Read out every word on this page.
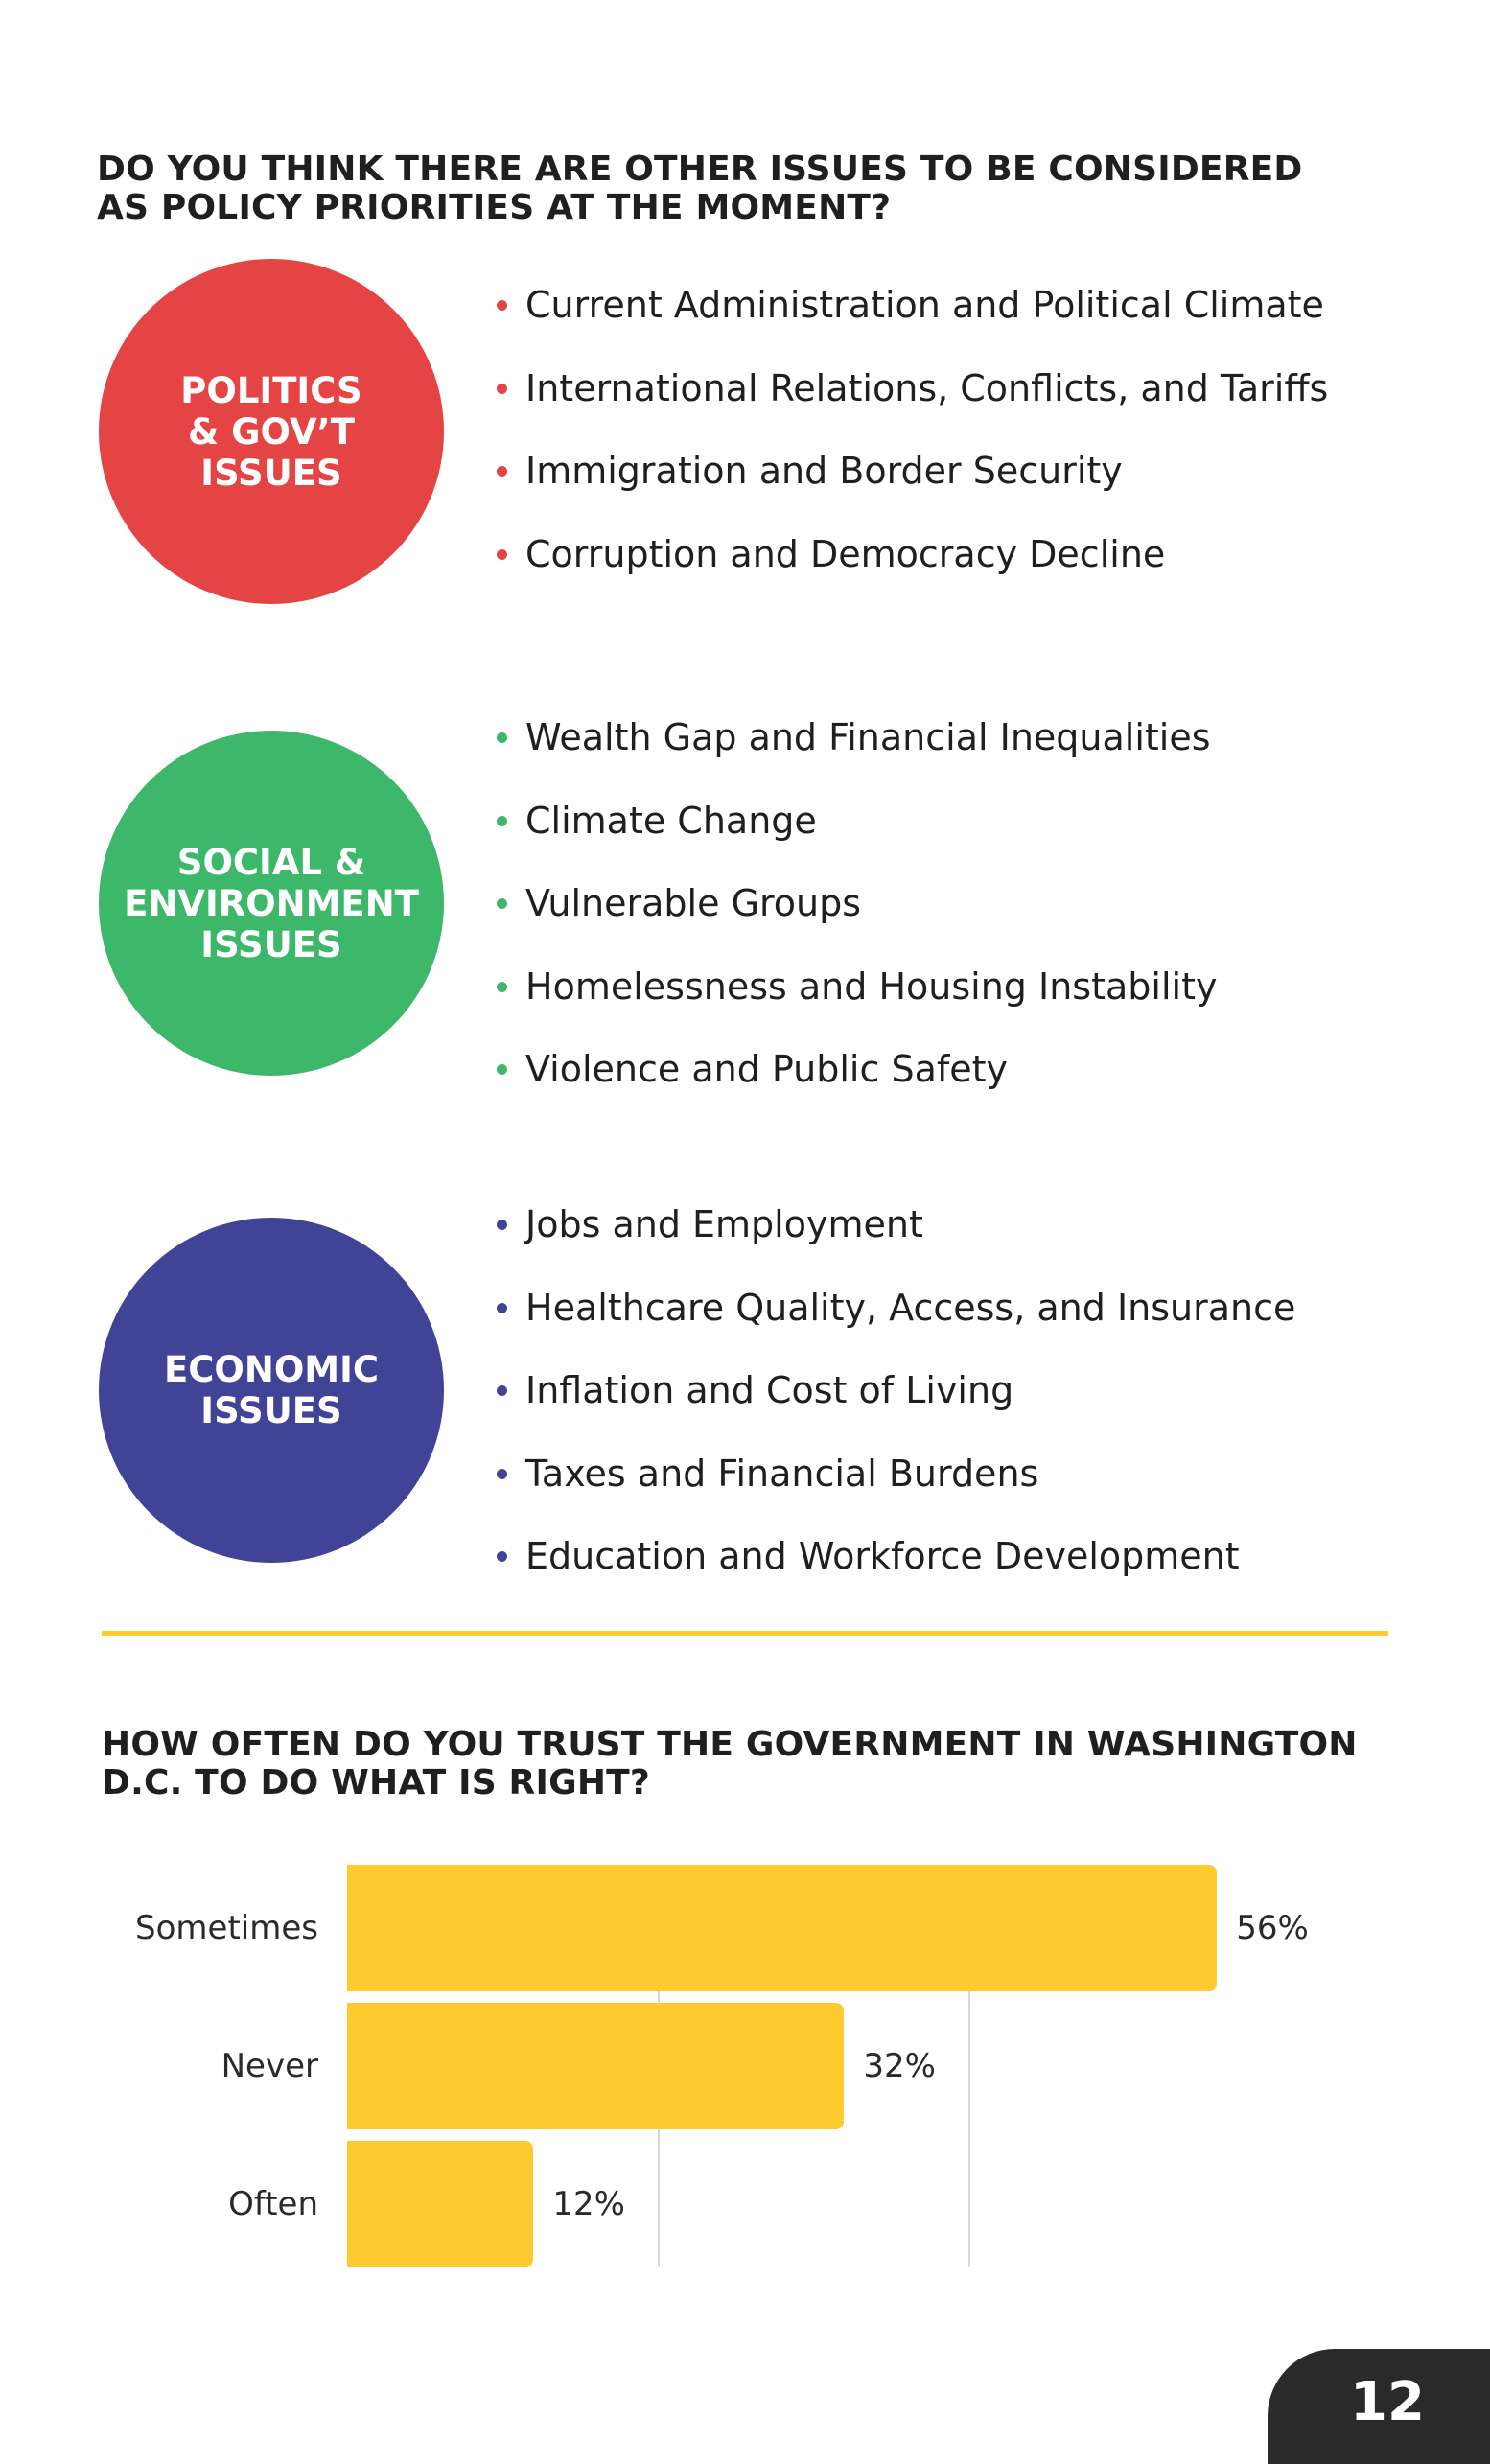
DO YOU THINK THERE ARE OTHER ISSUES TO BE CONSIDERED
AS POLICY PRIORITIES AT THE MOMENT?
POLITICS
& GOV’T
ISSUES
Current Administration and Political Climate
International Relations, Conflicts, and Tariffs
Immigration and Border Security
Corruption and Democracy Decline
SOCIAL &
ENVIRONMENT
ISSUES
Wealth Gap and Financial Inequalities
Climate Change
Vulnerable Groups
Homelessness and Housing Instability
Violence and Public Safety
ECONOMIC
ISSUES
Jobs and Employment
Healthcare Quality, Access, and Insurance
Inflation and Cost of Living
Taxes and Financial Burdens
Education and Workforce Development
HOW OFTEN DO YOU TRUST THE GOVERNMENT IN WASHINGTON
D.C. TO DO WHAT IS RIGHT?
Sometimes	56%
Never	32%
Often	12%
12
